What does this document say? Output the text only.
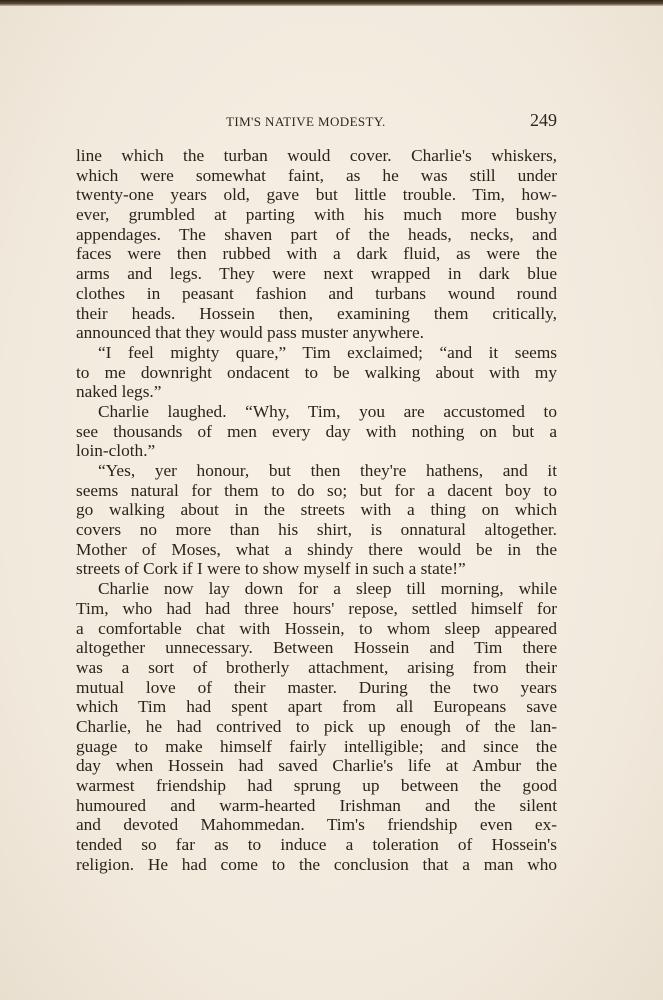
TIM'S NATIVE MODESTY.	249
line which the turban would cover. Charlie's whiskers,
which were somewhat faint, as he was still under
twenty-one years old, gave but little trouble. Tim, how-
ever, grumbled at parting with his much more bushy
appendages. The shaven part of the heads, necks, and
faces were then rubbed with a dark fluid, as were the
arms and legs. They were next wrapped in dark blue
clothes in peasant fashion and turbans wound round
their heads. Hossein then, examining them critically,
announced that they would pass muster anywhere.
“I feel mighty quare,” Tim exclaimed; “and it seems
to me downright ondacent to be walking about with my
naked legs.”
Charlie laughed. “Why, Tim, you are accustomed to
see thousands of men every day with nothing on but a
loin-cloth.”
“Yes, yer honour, but then they're hathens, and it
seems natural for them to do so; but for a dacent boy to
go walking about in the streets with a thing on which
covers no more than his shirt, is onnatural altogether.
Mother of Moses, what a shindy there would be in the
streets of Cork if I were to show myself in such a state!”
Charlie now lay down for a sleep till morning, while
Tim, who had had three hours' repose, settled himself for
a comfortable chat with Hossein, to whom sleep appeared
altogether unnecessary. Between Hossein and Tim there
was a sort of brotherly attachment, arising from their
mutual love of their master. During the two years
which Tim had spent apart from all Europeans save
Charlie, he had contrived to pick up enough of the lan-
guage to make himself fairly intelligible; and since the
day when Hossein had saved Charlie's life at Ambur the
warmest friendship had sprung up between the good
humoured and warm-hearted Irishman and the silent
and devoted Mahommedan. Tim's friendship even ex-
tended so far as to induce a toleration of Hossein's
religion. He had come to the conclusion that a man who
